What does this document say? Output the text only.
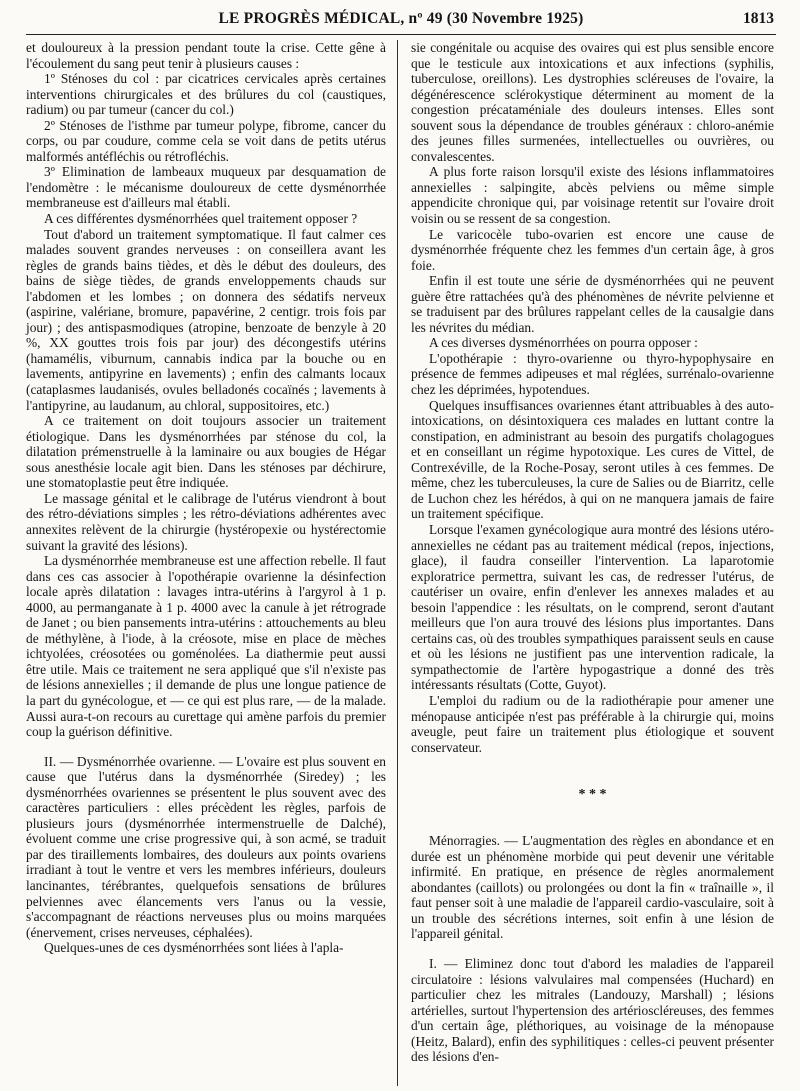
LE PROGRÈS MÉDICAL, nº 49 (30 Novembre 1925)	1813

et douloureux à la pression pendant toute la crise. Cette gêne à l'écoulement du sang peut tenir à plusieurs causes :

1º Sténoses du col : par cicatrices cervicales après certaines interventions chirurgicales et des brûlures du col (caustiques, radium) ou par tumeur (cancer du col.)

2º Sténoses de l'isthme par tumeur polype, fibrome, cancer du corps, ou par coudure, comme cela se voit dans de petits utérus malformés antéfléchis ou rétrofléchis.

3º Elimination de lambeaux muqueux par desquamation de l'endomètre : le mécanisme douloureux de cette dysménorrhée membraneuse est d'ailleurs mal établi.

A ces différentes dysménorrhées quel traitement opposer ?

Tout d'abord un traitement symptomatique. Il faut calmer ces malades souvent grandes nerveuses : on conseillera avant les règles de grands bains tièdes, et dès le début des douleurs, des bains de siège tièdes, de grands enveloppements chauds sur l'abdomen et les lombes ; on donnera des sédatifs nerveux (aspirine, valériane, bromure, papavérine, 2 centigr. trois fois par jour) ; des antispasmodiques (atropine, benzoate de benzyle à 20 %, XX gouttes trois fois par jour) des décongestifs utérins (hamamélis, viburnum, cannabis indica par la bouche ou en lavements, antipyrine en lavements) ; enfin des calmants locaux (cataplasmes laudanisés, ovules belladonés cocaïnés ; lavements à l'antipyrine, au laudanum, au chloral, suppositoires, etc.)

A ce traitement on doit toujours associer un traitement étiologique. Dans les dysménorrhées par sténose du col, la dilatation prémenstruelle à la laminaire ou aux bougies de Hégar sous anesthésie locale agit bien. Dans les sténoses par déchirure, une stomatoplastie peut être indiquée.

Le massage génital et le calibrage de l'utérus viendront à bout des rétro-déviations simples ; les rétro-déviations adhérentes avec annexites relèvent de la chirurgie (hystéropexie ou hystérectomie suivant la gravité des lésions).

La dysménorrhée membraneuse est une affection rebelle. Il faut dans ces cas associer à l'opothérapie ovarienne la désinfection locale après dilatation : lavages intra-utérins à l'argyrol à 1 p. 4000, au permanganate à 1 p. 4000 avec la canule à jet rétrograde de Janet ; ou bien pansements intra-utérins : attouchements au bleu de méthylène, à l'iode, à la créosote, mise en place de mèches ichtyolées, créosotées ou goménolées. La diathermie peut aussi être utile. Mais ce traitement ne sera appliqué que s'il n'existe pas de lésions annexielles ; il demande de plus une longue patience de la part du gynécologue, et — ce qui est plus rare, — de la malade. Aussi aura-t-on recours au curettage qui amène parfois du premier coup la guérison définitive.

II. — Dysménorrhée ovarienne. — L'ovaire est plus souvent en cause que l'utérus dans la dysménorrhée (Siredey) ; les dysménorrhées ovariennes se présentent le plus souvent avec des caractères particuliers : elles précèdent les règles, parfois de plusieurs jours (dysménorrhée intermenstruelle de Dalché), évoluent comme une crise progressive qui, à son acmé, se traduit par des tiraillements lombaires, des douleurs aux points ovariens irradiant à tout le ventre et vers les membres inférieurs, douleurs lancinantes, térébrantes, quelquefois sensations de brûlures pelviennes avec élancements vers l'anus ou la vessie, s'accompagnant de réactions nerveuses plus ou moins marquées (énervement, crises nerveuses, céphalées).

Quelques-unes de ces dysménorrhées sont liées à l'apla-

sie congénitale ou acquise des ovaires qui est plus sensible encore que le testicule aux intoxications et aux infections (syphilis, tuberculose, oreillons). Les dystrophies scléreuses de l'ovaire, la dégénérescence sclérokystique déterminent au moment de la congestion précataméniale des douleurs intenses. Elles sont souvent sous la dépendance de troubles généraux : chloro-anémie des jeunes filles surmenées, intellectuelles ou ouvrières, ou convalescentes.

A plus forte raison lorsqu'il existe des lésions inflammatoires annexielles : salpingite, abcès pelviens ou même simple appendicite chronique qui, par voisinage retentit sur l'ovaire droit voisin ou se ressent de sa congestion.

Le varicocèle tubo-ovarien est encore une cause de dysménorrhée fréquente chez les femmes d'un certain âge, à gros foie.

Enfin il est toute une série de dysménorrhées qui ne peuvent guère être rattachées qu'à des phénomènes de névrite pelvienne et se traduisent par des brûlures rappelant celles de la causalgie dans les névrites du médian.

A ces diverses dysménorrhées on pourra opposer :

L'opothérapie : thyro-ovarienne ou thyro-hypophysaire en présence de femmes adipeuses et mal réglées, surrénalo-ovarienne chez les déprimées, hypotendues.

Quelques insuffisances ovariennes étant attribuables à des auto-intoxications, on désintoxiquera ces malades en luttant contre la constipation, en administrant au besoin des purgatifs cholagogues et en conseillant un régime hypotoxique. Les cures de Vittel, de Contrexéville, de la Roche-Posay, seront utiles à ces femmes. De même, chez les tuberculeuses, la cure de Salies ou de Biarritz, celle de Luchon chez les hérédos, à qui on ne manquera jamais de faire un traitement spécifique.

Lorsque l'examen gynécologique aura montré des lésions utéro-annexielles ne cédant pas au traitement médical (repos, injections, glace), il faudra conseiller l'intervention. La laparotomie exploratrice permettra, suivant les cas, de redresser l'utérus, de cautériser un ovaire, enfin d'enlever les annexes malades et au besoin l'appendice : les résultats, on le comprend, seront d'autant meilleurs que l'on aura trouvé des lésions plus importantes. Dans certains cas, où des troubles sympathiques paraissent seuls en cause et où les lésions ne justifient pas une intervention radicale, la sympathectomie de l'artère hypogastrique a donné des très intéressants résultats (Cotte, Guyot).

L'emploi du radium ou de la radiothérapie pour amener une ménopause anticipée n'est pas préférable à la chirurgie qui, moins aveugle, peut faire un traitement plus étiologique et souvent conservateur.

* * *

Ménorragies. — L'augmentation des règles en abondance et en durée est un phénomène morbide qui peut devenir une véritable infirmité. En pratique, en présence de règles anormalement abondantes (caillots) ou prolongées ou dont la fin « traînaille », il faut penser soit à une maladie de l'appareil cardio-vasculaire, soit à un trouble des sécrétions internes, soit enfin à une lésion de l'appareil génital.

I. — Eliminez donc tout d'abord les maladies de l'appareil circulatoire : lésions valvulaires mal compensées (Huchard) en particulier chez les mitrales (Landouzy, Marshall) ; lésions artérielles, surtout l'hypertension des artérioscléreuses, des femmes d'un certain âge, pléthoriques, au voisinage de la ménopause (Heitz, Balard), enfin des syphilitiques : celles-ci peuvent présenter des lésions d'en-
